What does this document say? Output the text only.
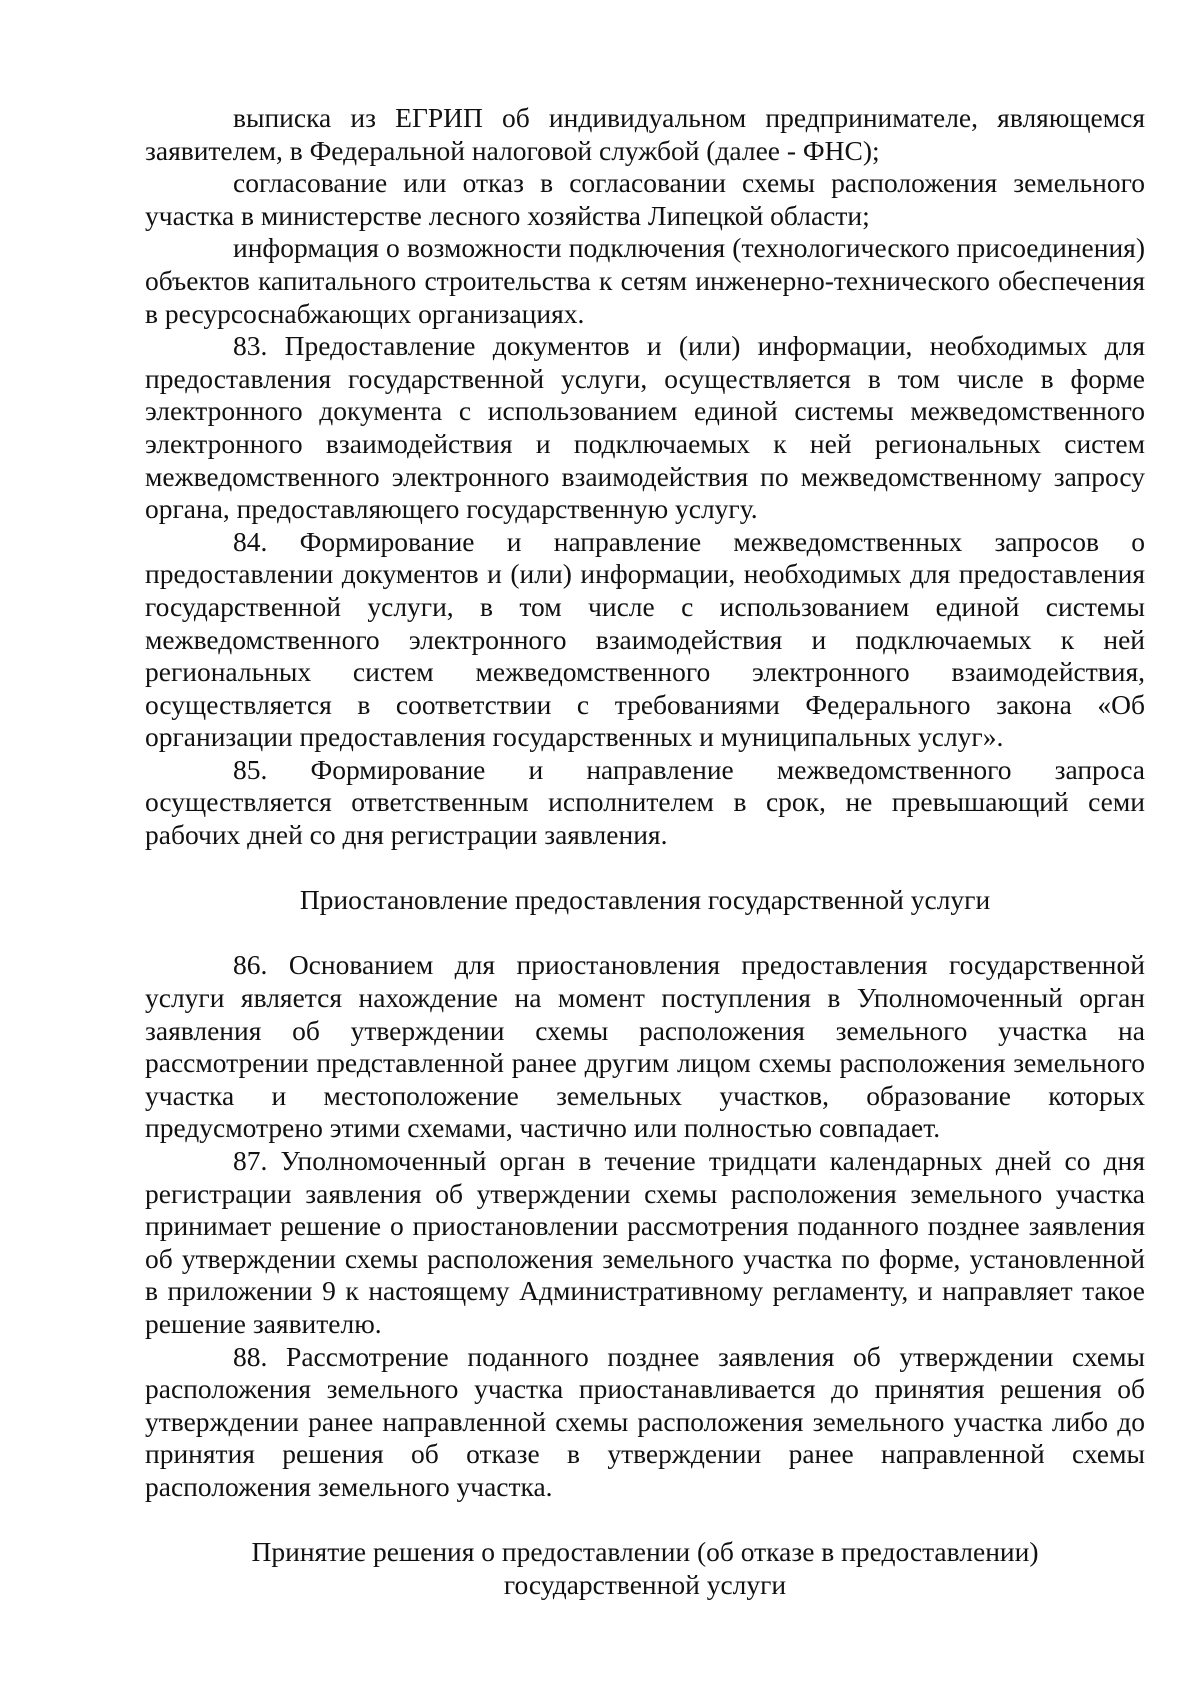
выписка из ЕГРИП об индивидуальном предпринимателе, являющемся заявителем, в Федеральной налоговой службой (далее - ФНС);

согласование или отказ в согласовании схемы расположения земельного участка в министерстве лесного хозяйства Липецкой области;

информация о возможности подключения (технологического присоединения) объектов капитального строительства к сетям инженерно-технического обеспечения в ресурсоснабжающих организациях.

83. Предоставление документов и (или) информации, необходимых для предоставления государственной услуги, осуществляется в том числе в форме электронного документа с использованием единой системы межведомственного электронного взаимодействия и подключаемых к ней региональных систем межведомственного электронного взаимодействия по межведомственному запросу органа, предоставляющего государственную услугу.

84. Формирование и направление межведомственных запросов о предоставлении документов и (или) информации, необходимых для предоставления государственной услуги, в том числе с использованием единой системы межведомственного электронного взаимодействия и подключаемых к ней региональных систем межведомственного электронного взаимодействия, осуществляется в соответствии с требованиями Федерального закона «Об организации предоставления государственных и муниципальных услуг».

85. Формирование и направление межведомственного запроса осуществляется ответственным исполнителем в срок, не превышающий семи рабочих дней со дня регистрации заявления.

Приостановление предоставления государственной услуги

86. Основанием для приостановления предоставления государственной услуги является нахождение на момент поступления в Уполномоченный орган заявления об утверждении схемы расположения земельного участка на рассмотрении представленной ранее другим лицом схемы расположения земельного участка и местоположение земельных участков, образование которых предусмотрено этими схемами, частично или полностью совпадает.

87. Уполномоченный орган в течение тридцати календарных дней со дня регистрации заявления об утверждении схемы расположения земельного участка принимает решение о приостановлении рассмотрения поданного позднее заявления об утверждении схемы расположения земельного участка по форме, установленной в приложении 9 к настоящему Административному регламенту, и направляет такое решение заявителю.

88. Рассмотрение поданного позднее заявления об утверждении схемы расположения земельного участка приостанавливается до принятия решения об утверждении ранее направленной схемы расположения земельного участка либо до принятия решения об отказе в утверждении ранее направленной схемы расположения земельного участка.

Принятие решения о предоставлении (об отказе в предоставлении)
государственной услуги
